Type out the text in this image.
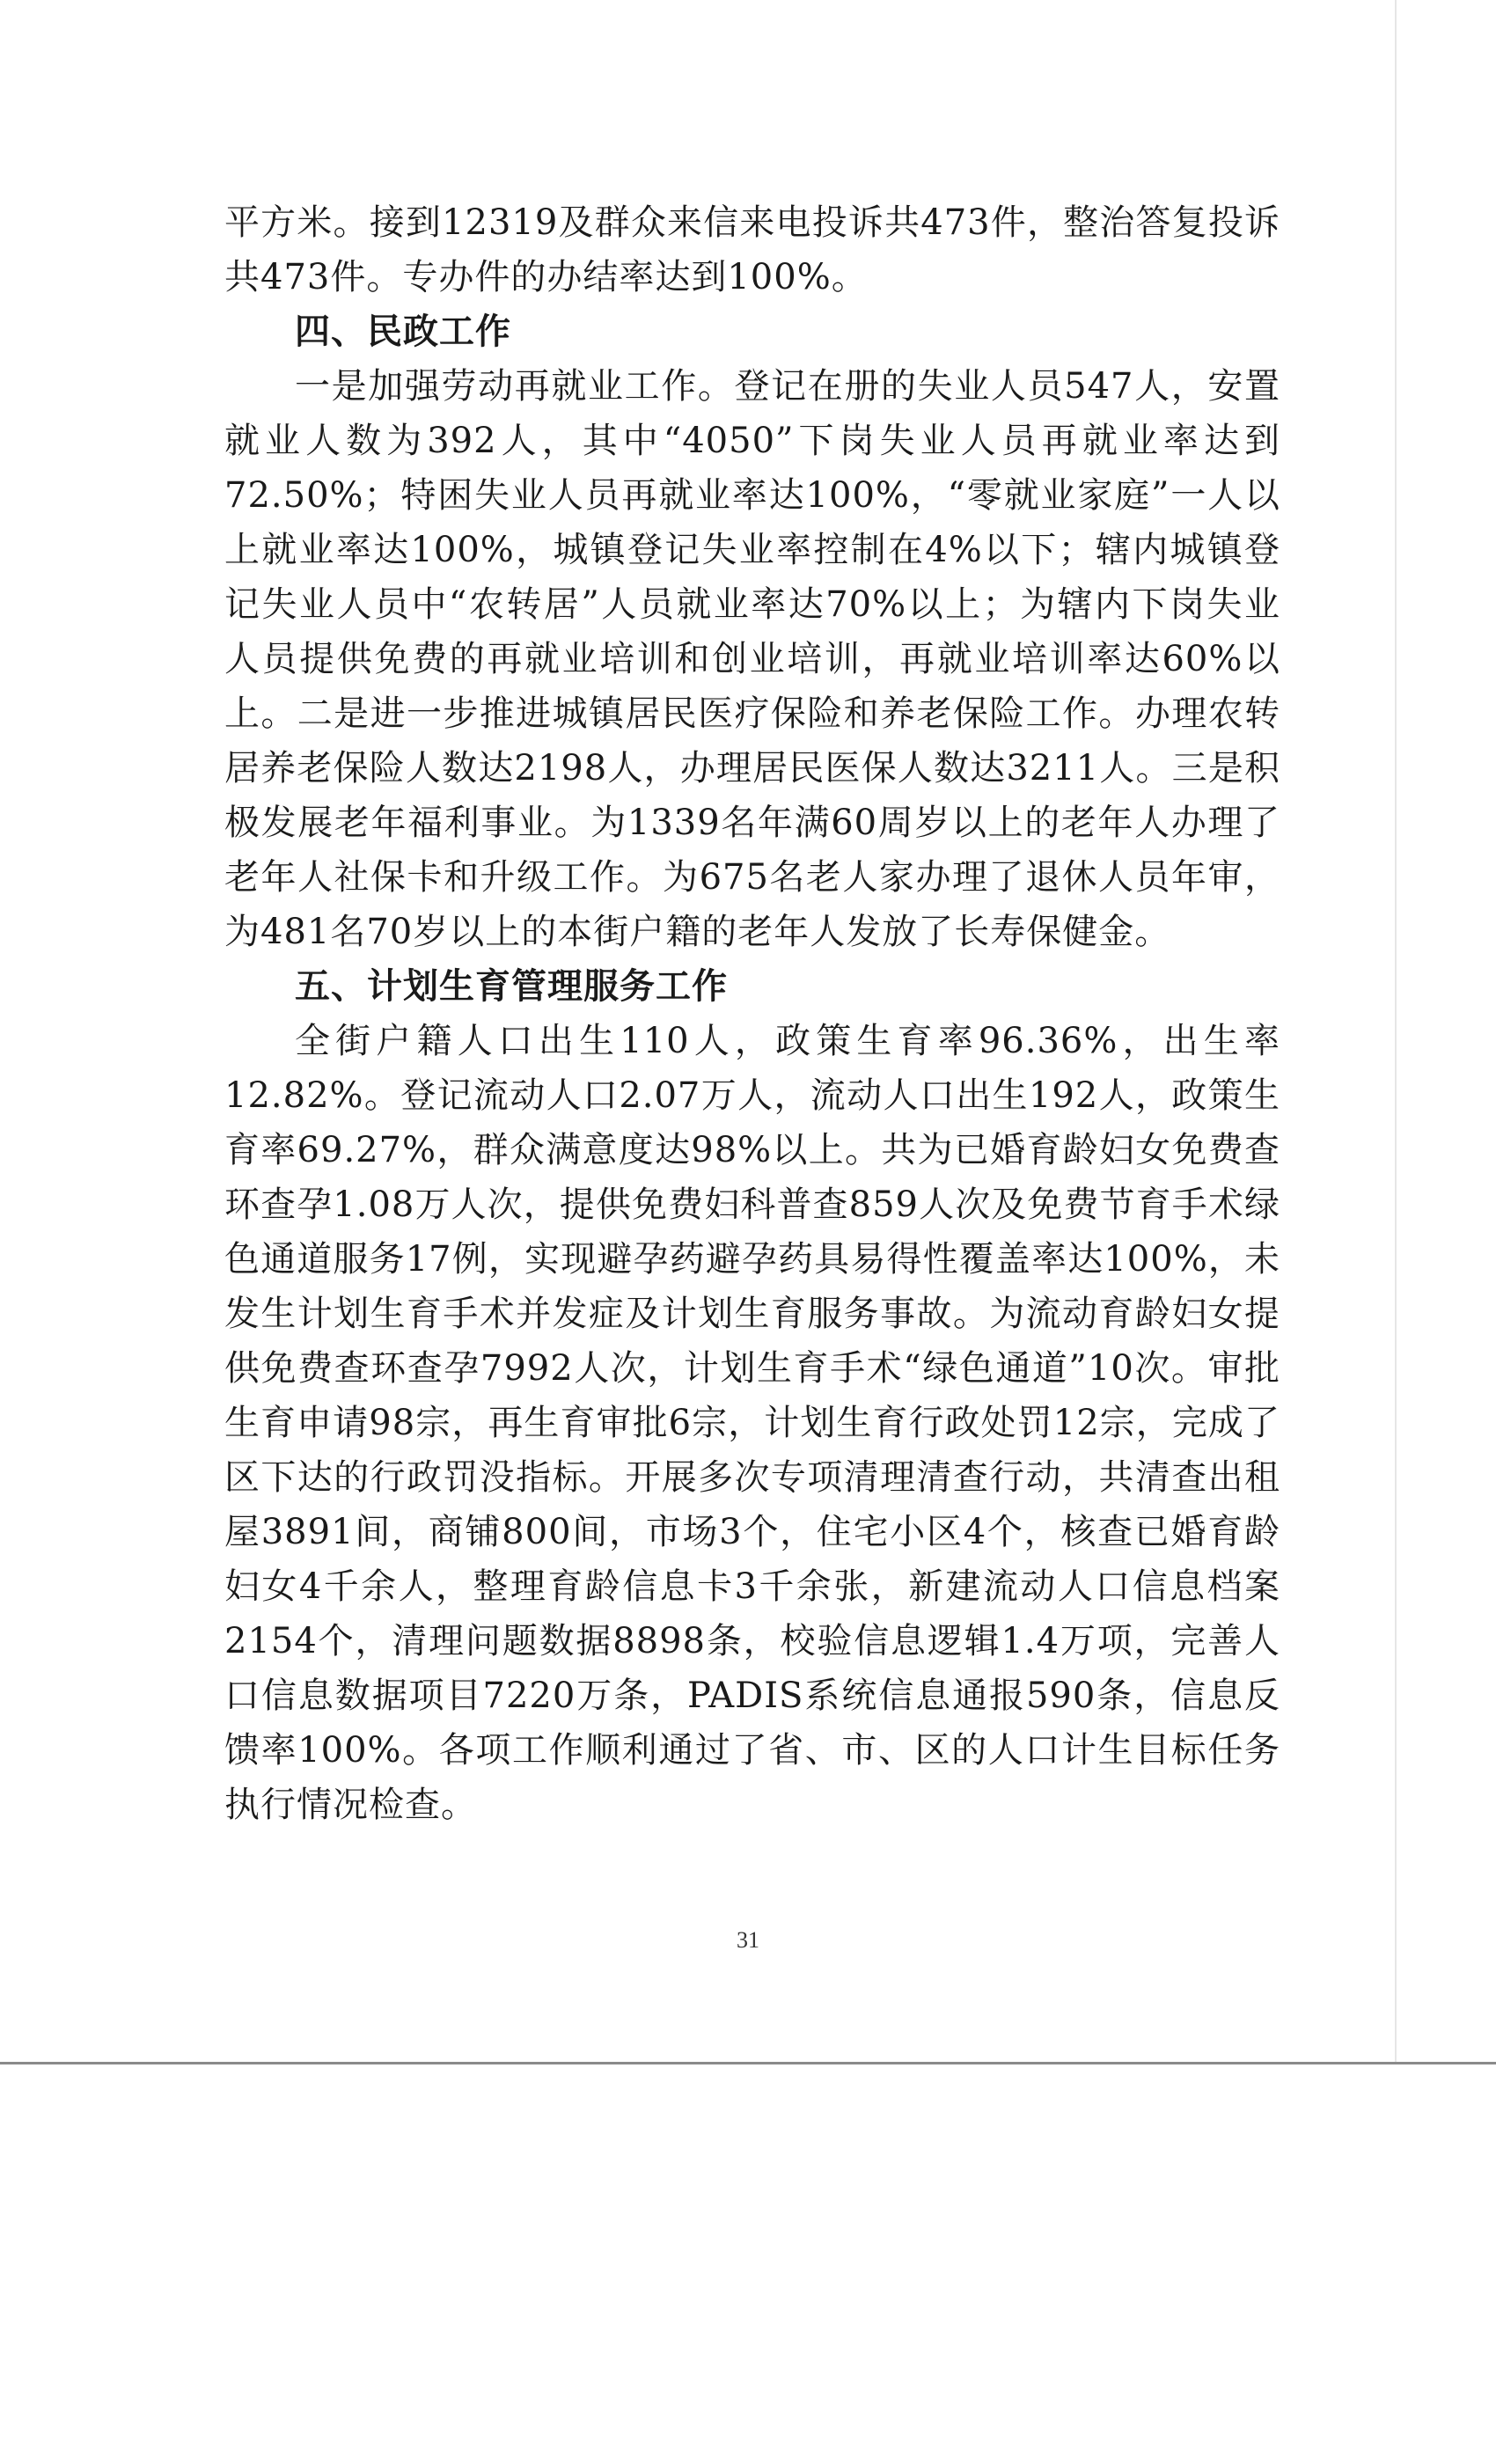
平方米。接到12319及群众来信来电投诉共473件，整治答复投诉共473件。专办件的办结率达到100%。

四、民政工作

一是加强劳动再就业工作。登记在册的失业人员547人，安置就业人数为392人，其中“4050”下岗失业人员再就业率达到72.50%；特困失业人员再就业率达100%，“零就业家庭”一人以上就业率达100%，城镇登记失业率控制在4%以下；辖内城镇登记失业人员中“农转居”人员就业率达70%以上；为辖内下岗失业人员提供免费的再就业培训和创业培训，再就业培训率达60%以上。二是进一步推进城镇居民医疗保险和养老保险工作。办理农转居养老保险人数达2198人，办理居民医保人数达3211人。三是积极发展老年福利事业。为1339名年满60周岁以上的老年人办理了老年人社保卡和升级工作。为675名老人家办理了退休人员年审，为481名70岁以上的本街户籍的老年人发放了长寿保健金。

五、计划生育管理服务工作

全街户籍人口出生110人，政策生育率96.36%，出生率12.82%。登记流动人口2.07万人，流动人口出生192人，政策生育率69.27%，群众满意度达98%以上。共为已婚育龄妇女免费查环查孕1.08万人次，提供免费妇科普查859人次及免费节育手术绿色通道服务17例，实现避孕药避孕药具易得性覆盖率达100%，未发生计划生育手术并发症及计划生育服务事故。为流动育龄妇女提供免费查环查孕7992人次，计划生育手术“绿色通道”10次。审批生育申请98宗，再生育审批6宗，计划生育行政处罚12宗，完成了区下达的行政罚没指标。开展多次专项清理清查行动，共清查出租屋3891间，商铺800间，市场3个，住宅小区4个，核查已婚育龄妇女4千余人，整理育龄信息卡3千余张，新建流动人口信息档案2154个，清理问题数据8898条，校验信息逻辑1.4万项，完善人口信息数据项目7220万条，PADIS系统信息通报590条，信息反馈率100%。各项工作顺利通过了省、市、区的人口计生目标任务执行情况检查。

31
